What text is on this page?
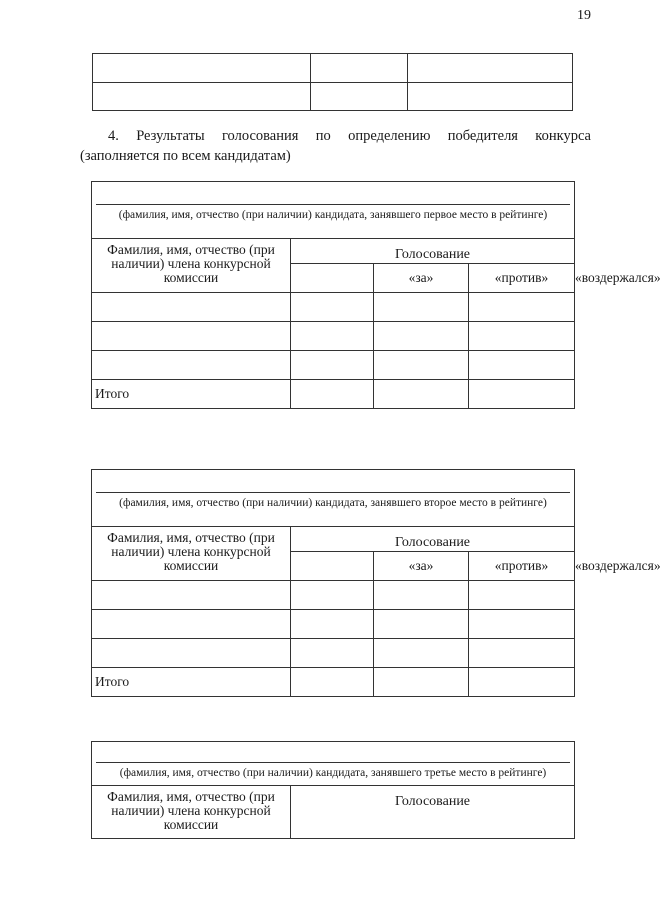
19

4. Результаты голосования по определению победителя конкурса (заполняется по всем кандидатам)

(фамилия, имя, отчество (при наличии) кандидата, занявшего первое место в рейтинге)				

Фамилия, имя, отчество (при наличии) члена конкурсной комиссии	Голосование			
		«за»	«против»	«воздержался»

Итого				
(фамилия, имя, отчество (при наличии) кандидата, занявшего второе место в рейтинге)				

Фамилия, имя, отчество (при наличии) члена конкурсной комиссии	Голосование			
		«за»	«против»	«воздержался»

Итого				
(фамилия, имя, отчество (при наличии) кандидата, занявшего третье место в рейтинге)

Фамилия, имя, отчество (при наличии) члена конкурсной комиссии	Голосование
